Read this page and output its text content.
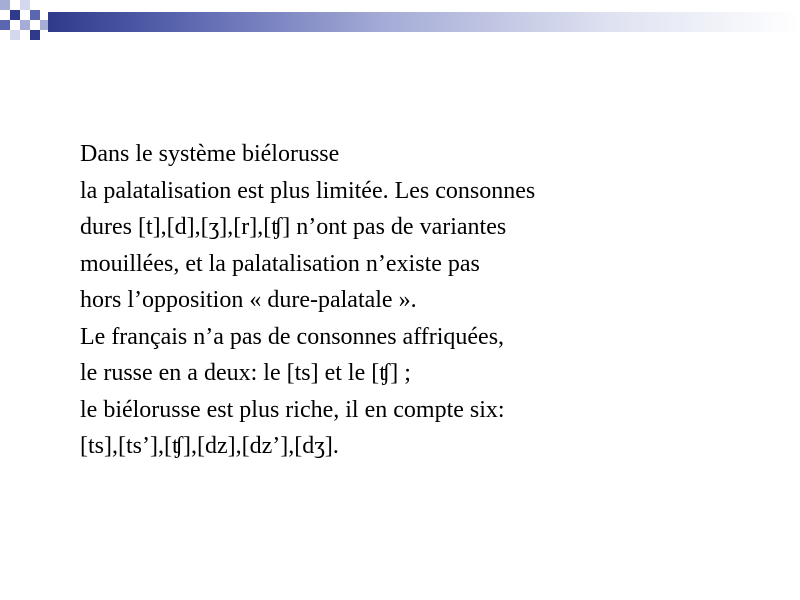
Dans le système biélorusse
la palatalisation est plus limitée. Les consonnes
dures [t],[d],[ʒ],[r],[ʧ] n’ont pas de variantes
mouillées, et la palatalisation n’existe pas
hors l’opposition « dure-palatale ».
Le français n’a pas de consonnes affriquées,
le russe en a deux: le [ts] et le [ʧ] ;
le biélorusse est plus riche, il en compte six:
[ts],[ts’],[ʧ],[dz],[dz’],[dʒ].
